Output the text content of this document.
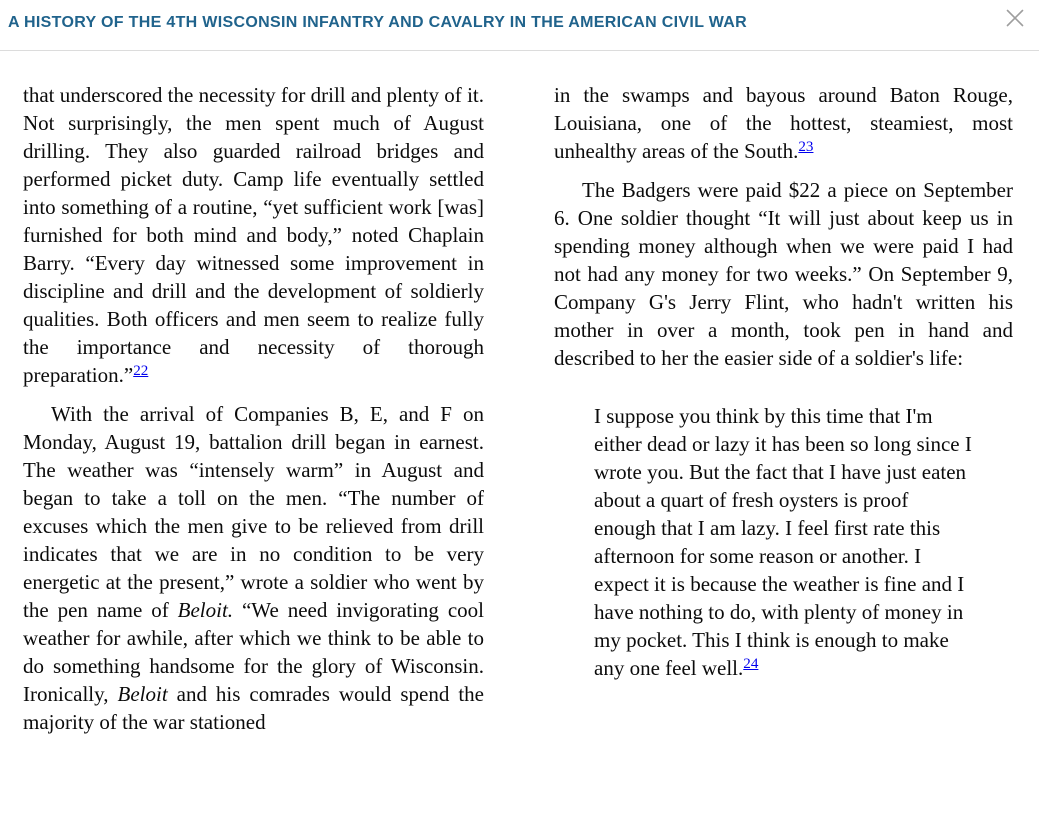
A HISTORY OF THE 4TH WISCONSIN INFANTRY AND CAVALRY IN THE AMERICAN CIVIL WAR

that underscored the necessity for drill and plenty of it. Not surprisingly, the men spent much of August drilling. They also guarded railroad bridges and performed picket duty. Camp life eventually settled into something of a routine, “yet sufficient work [was] furnished for both mind and body,” noted Chaplain Barry. “Every day witnessed some improvement in discipline and drill and the development of soldierly qualities. Both officers and men seem to realize fully the importance and necessity of thorough preparation.”$^{22}$

With the arrival of Companies B, E, and F on Monday, August 19, battalion drill began in earnest. The weather was “intensely warm” in August and began to take a toll on the men. “The number of excuses which the men give to be relieved from drill indicates that we are in no condition to be very energetic at the present,” wrote a soldier who went by the pen name of Beloit. “We need invigorating cool weather for awhile, after which we think to be able to do something handsome for the glory of Wisconsin. Ironically, Beloit and his comrades would spend the majority of the war stationed

in the swamps and bayous around Baton Rouge, Louisiana, one of the hottest, steamiest, most unhealthy areas of the South.$^{23}$

The Badgers were paid $22 a piece on September 6. One soldier thought “It will just about keep us in spending money although when we were paid I had not had any money for two weeks.” On September 9, Company G's Jerry Flint, who hadn't written his mother in over a month, took pen in hand and described to her the easier side of a soldier's life:

I suppose you think by this time that I'm either dead or lazy it has been so long since I wrote you. But the fact that I have just eaten about a quart of fresh oysters is proof enough that I am lazy. I feel first rate this afternoon for some reason or another. I expect it is because the weather is fine and I have nothing to do, with plenty of money in my pocket. This I think is enough to make any one feel well.$^{24}$
